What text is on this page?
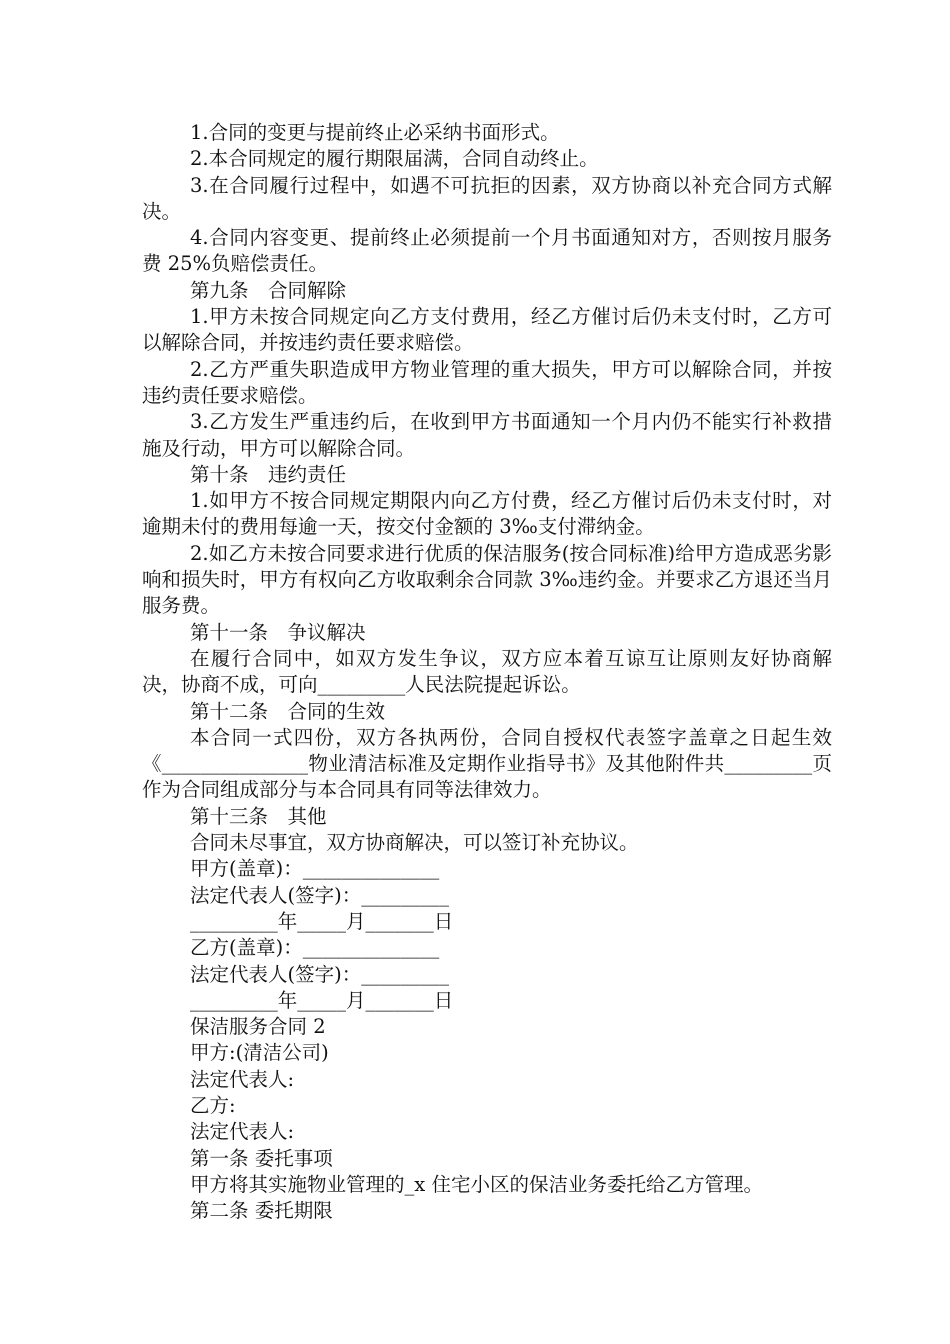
1.合同的变更与提前终止必采纳书面形式。

2.本合同规定的履行期限届满，合同自动终止。

3.在合同履行过程中，如遇不可抗拒的因素，双方协商以补充合同方式解决。

4.合同内容变更、提前终止必须提前一个月书面通知对方，否则按月服务费 25%负赔偿责任。

第九条　合同解除

1.甲方未按合同规定向乙方支付费用，经乙方催讨后仍未支付时，乙方可以解除合同，并按违约责任要求赔偿。

2.乙方严重失职造成甲方物业管理的重大损失，甲方可以解除合同，并按违约责任要求赔偿。

3.乙方发生严重违约后，在收到甲方书面通知一个月内仍不能实行补救措施及行动，甲方可以解除合同。

第十条　违约责任

1.如甲方不按合同规定期限内向乙方付费，经乙方催讨后仍未支付时，对逾期未付的费用每逾一天，按交付金额的 3‰支付滞纳金。

2.如乙方未按合同要求进行优质的保洁服务(按合同标准)给甲方造成恶劣影响和损失时，甲方有权向乙方收取剩余合同款 3‰违约金。并要求乙方退还当月服务费。

第十一条　争议解决

在履行合同中，如双方发生争议，双方应本着互谅互让原则友好协商解决，协商不成，可向_________人民法院提起诉讼。

第十二条　合同的生效

本合同一式四份，双方各执两份，合同自授权代表签字盖章之日起生效《_______________物业清洁标准及定期作业指导书》及其他附件共_________页作为合同组成部分与本合同具有同等法律效力。

第十三条　其他

合同未尽事宜，双方协商解决，可以签订补充协议。

甲方(盖章)：______________

法定代表人(签字)：_________

_________年_____月_______日

乙方(盖章)：______________

法定代表人(签字)：_________

_________年_____月_______日

保洁服务合同 2

甲方:(清洁公司)

法定代表人:

乙方:

法定代表人:

第一条 委托事项

甲方将其实施物业管理的_x 住宅小区的保洁业务委托给乙方管理。

第二条 委托期限
